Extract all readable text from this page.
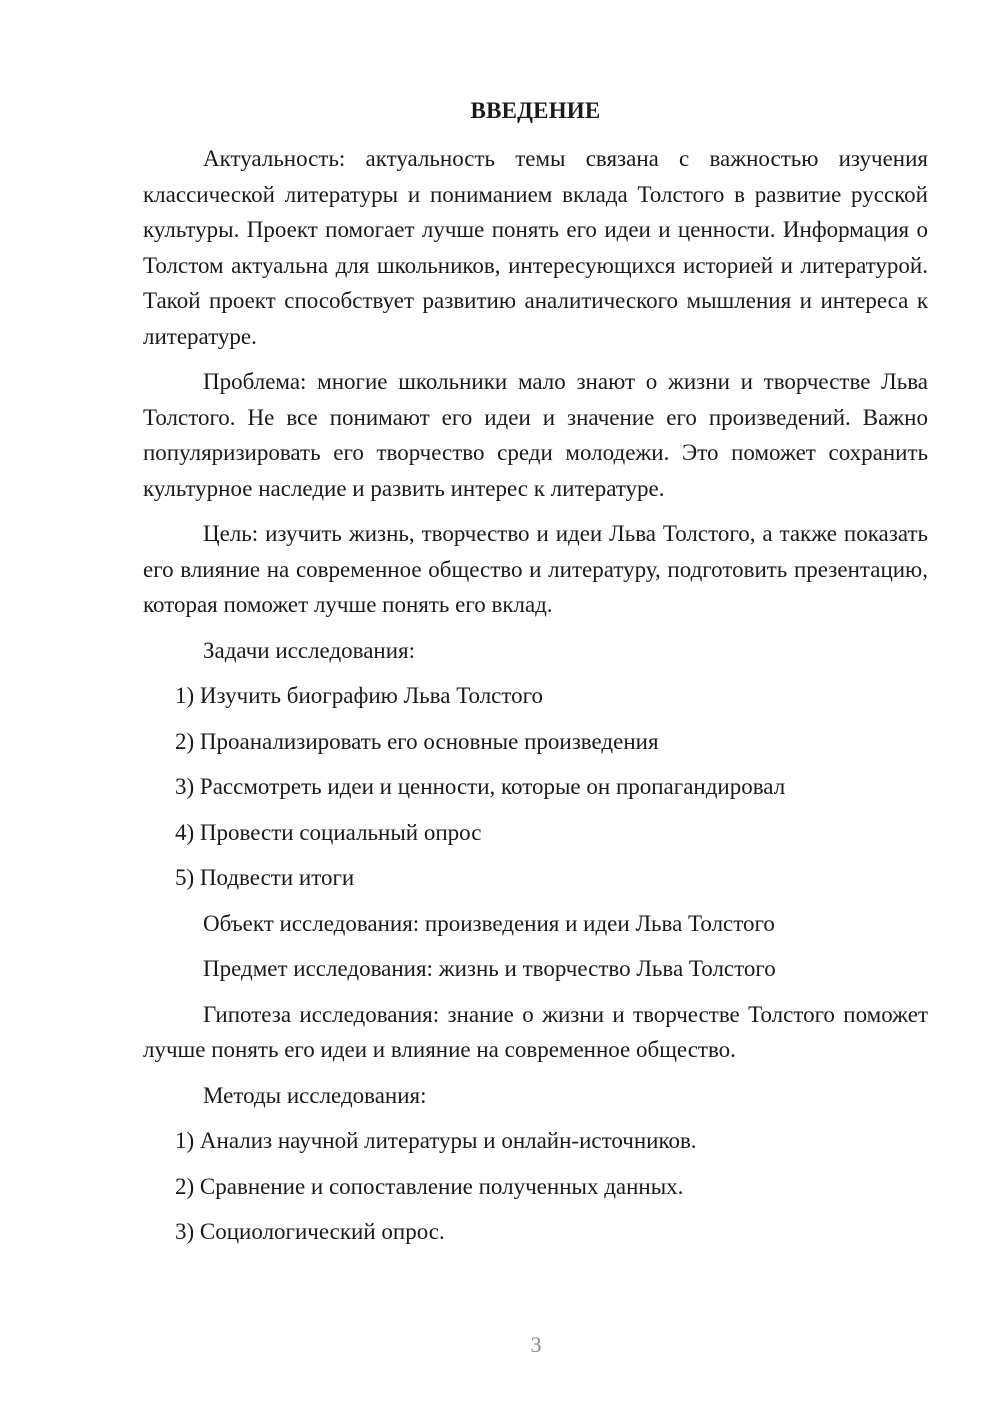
ВВЕДЕНИЕ

Актуальность: актуальность темы связана с важностью изучения классической литературы и пониманием вклада Толстого в развитие русской культуры. Проект помогает лучше понять его идеи и ценности. Информация о Толстом актуальна для школьников, интересующихся историей и литературой. Такой проект способствует развитию аналитического мышления и интереса к литературе.

Проблема: многие школьники мало знают о жизни и творчестве Льва Толстого. Не все понимают его идеи и значение его произведений. Важно популяризировать его творчество среди молодежи. Это поможет сохранить культурное наследие и развить интерес к литературе.

Цель: изучить жизнь, творчество и идеи Льва Толстого, а также показать его влияние на современное общество и литературу, подготовить презентацию, которая поможет лучше понять его вклад.

Задачи исследования:

1) Изучить биографию Льва Толстого

2) Проанализировать его основные произведения

3) Рассмотреть идеи и ценности, которые он пропагандировал

4) Провести социальный опрос

5) Подвести итоги

Объект исследования: произведения и идеи Льва Толстого

Предмет исследования: жизнь и творчество Льва Толстого

Гипотеза исследования: знание о жизни и творчестве Толстого поможет лучше понять его идеи и влияние на современное общество.

Методы исследования:

1) Анализ научной литературы и онлайн-источников.

2) Сравнение и сопоставление полученных данных.

3) Социологический опрос.

3
